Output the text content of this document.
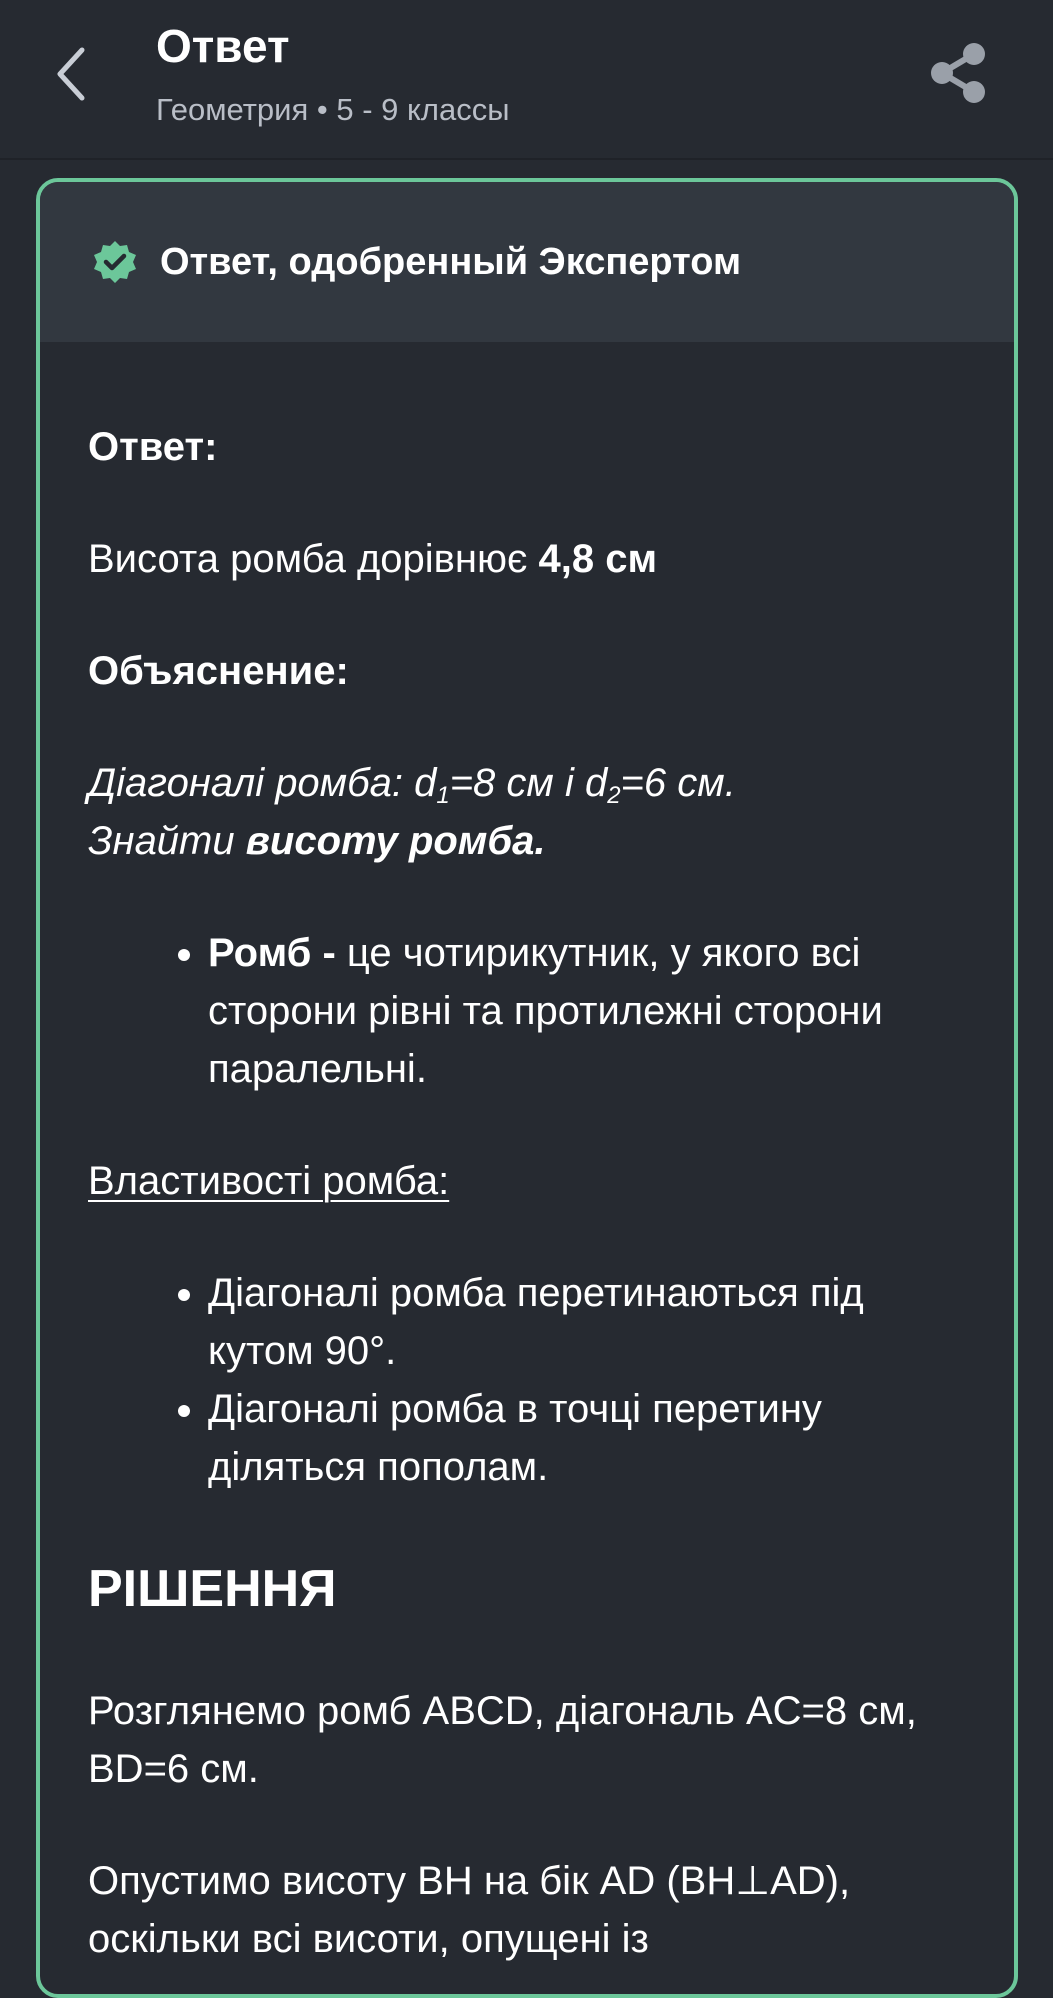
Ответ
Геометрия • 5 - 9 классы
Ответ, одобренный Экспертом

Ответ:

Висота ромба дорівнює 4,8 см

Объяснение:

Діагоналі ромба: $d_1=8$ см і $d_2=6$ см.
Знайти висоту ромба.

• Ромб - це чотирикутник, у якого всі сторони рівні та протилежні сторони паралельні.

Властивості ромба:

• Діагоналі ромба перетинаються під кутом 90°.
• Діагоналі ромба в точці перетину діляться пополам.

РІШЕННЯ

Розглянемо ромб ABCD, діагональ AC=8 см, BD=6 см.

Опустимо висоту BH на бік AD (BH⊥AD), оскільки всі висоти, опущені із
